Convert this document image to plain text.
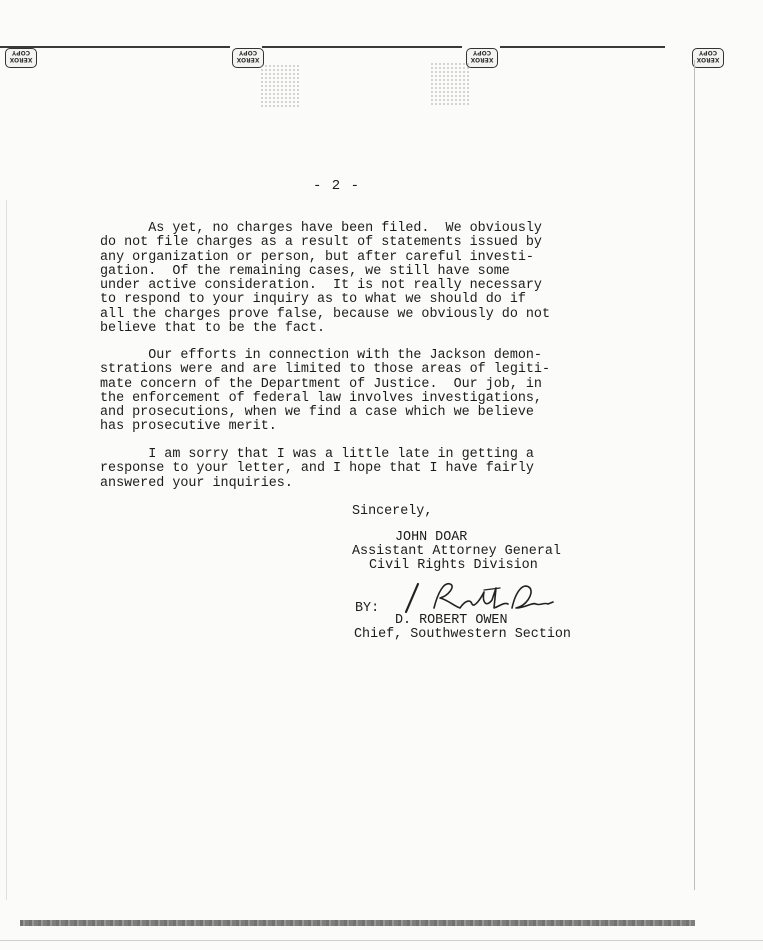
XEROX COPY
XEROX COPY
XEROX COPY
XEROX COPY
- 2 -
As yet, no charges have been filed.  We obviously
do not file charges as a result of statements issued by
any organization or person, but after careful investi-
gation.  Of the remaining cases, we still have some
under active consideration.  It is not really necessary
to respond to your inquiry as to what we should do if
all the charges prove false, because we obviously do not
believe that to be the fact.
Our efforts in connection with the Jackson demon-
strations were and are limited to those areas of legiti-
mate concern of the Department of Justice.  Our job, in
the enforcement of federal law involves investigations,
and prosecutions, when we find a case which we believe
has prosecutive merit.
I am sorry that I was a little late in getting a
response to your letter, and I hope that I have fairly
answered your inquiries.
Sincerely,
JOHN DOAR
Assistant Attorney General
Civil Rights Division
BY:
D. ROBERT OWEN
Chief, Southwestern Section
